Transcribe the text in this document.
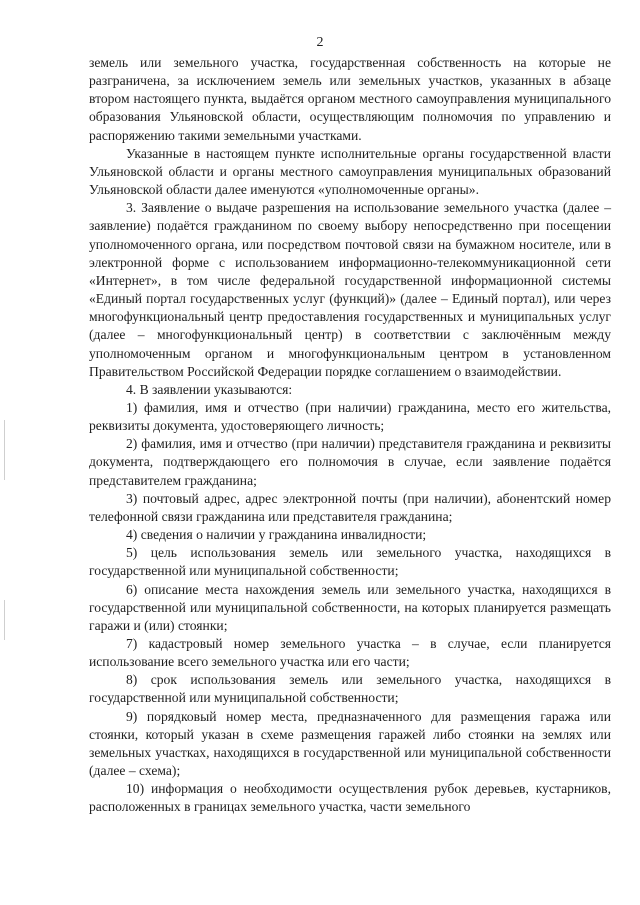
2

земель или земельного участка, государственная собственность на которые не разграничена, за исключением земель или земельных участков, указанных в абзаце втором настоящего пункта, выдаётся органом местного самоуправления муниципального образования Ульяновской области, осуществляющим полномочия по управлению и распоряжению такими земельными участками.

Указанные в настоящем пункте исполнительные органы государственной власти Ульяновской области и органы местного самоуправления муниципальных образований Ульяновской области далее именуются «уполномоченные органы».

3. Заявление о выдаче разрешения на использование земельного участка (далее – заявление) подаётся гражданином по своему выбору непосредственно при посещении уполномоченного органа, или посредством почтовой связи на бумажном носителе, или в электронной форме с использованием информационно-телекоммуникационной сети «Интернет», в том числе федеральной государственной информационной системы «Единый портал государственных услуг (функций)» (далее – Единый портал), или через многофункциональный центр предоставления государственных и муниципальных услуг (далее – многофункциональный центр) в соответствии с заключённым между уполномоченным органом и многофункциональным центром в установленном Правительством Российской Федерации порядке соглашением о взаимодействии.

4. В заявлении указываются:

1) фамилия, имя и отчество (при наличии) гражданина, место его жительства, реквизиты документа, удостоверяющего личность;

2) фамилия, имя и отчество (при наличии) представителя гражданина и реквизиты документа, подтверждающего его полномочия в случае, если заявление подаётся представителем гражданина;

3) почтовый адрес, адрес электронной почты (при наличии), абонентский номер телефонной связи гражданина или представителя гражданина;

4) сведения о наличии у гражданина инвалидности;

5) цель использования земель или земельного участка, находящихся в государственной или муниципальной собственности;

6) описание места нахождения земель или земельного участка, находящихся в государственной или муниципальной собственности, на которых планируется размещать гаражи и (или) стоянки;

7) кадастровый номер земельного участка – в случае, если планируется использование всего земельного участка или его части;

8) срок использования земель или земельного участка, находящихся в государственной или муниципальной собственности;

9) порядковый номер места, предназначенного для размещения гаража или стоянки, который указан в схеме размещения гаражей либо стоянки на землях или земельных участках, находящихся в государственной или муниципальной собственности (далее – схема);

10) информация о необходимости осуществления рубок деревьев, кустарников, расположенных в границах земельного участка, части земельного
